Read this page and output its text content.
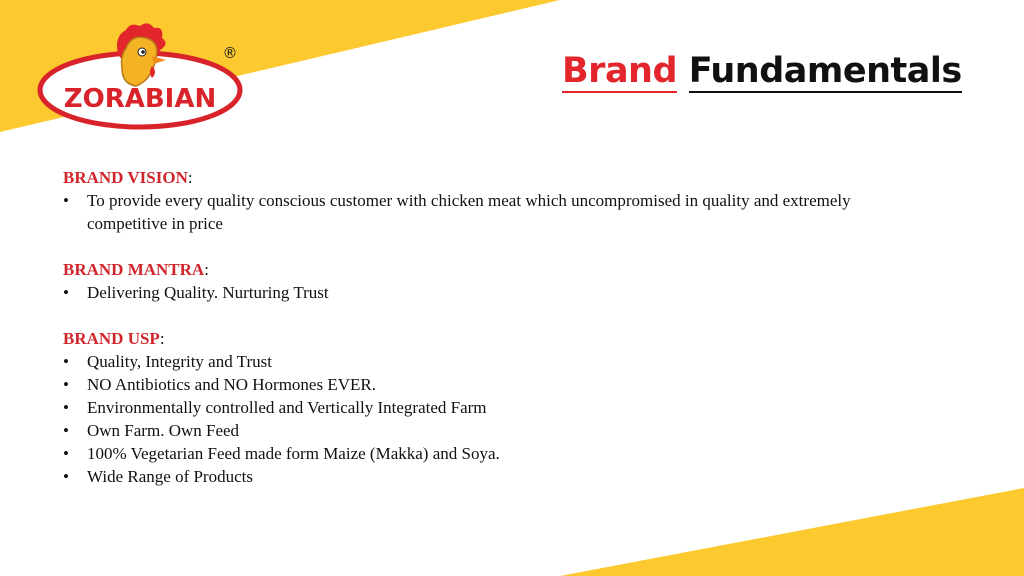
ZORABIAN
®	Brand Fundamentals

BRAND VISION:

• To provide every quality conscious customer with chicken meat which uncompromised in quality and extremely competitive in price

BRAND MANTRA:

• Delivering Quality. Nurturing Trust

BRAND USP:

• Quality, Integrity and Trust
• NO Antibiotics and NO Hormones EVER.
• Environmentally controlled and Vertically Integrated Farm
• Own Farm. Own Feed
• 100% Vegetarian Feed made form Maize (Makka) and Soya.
• Wide Range of Products
